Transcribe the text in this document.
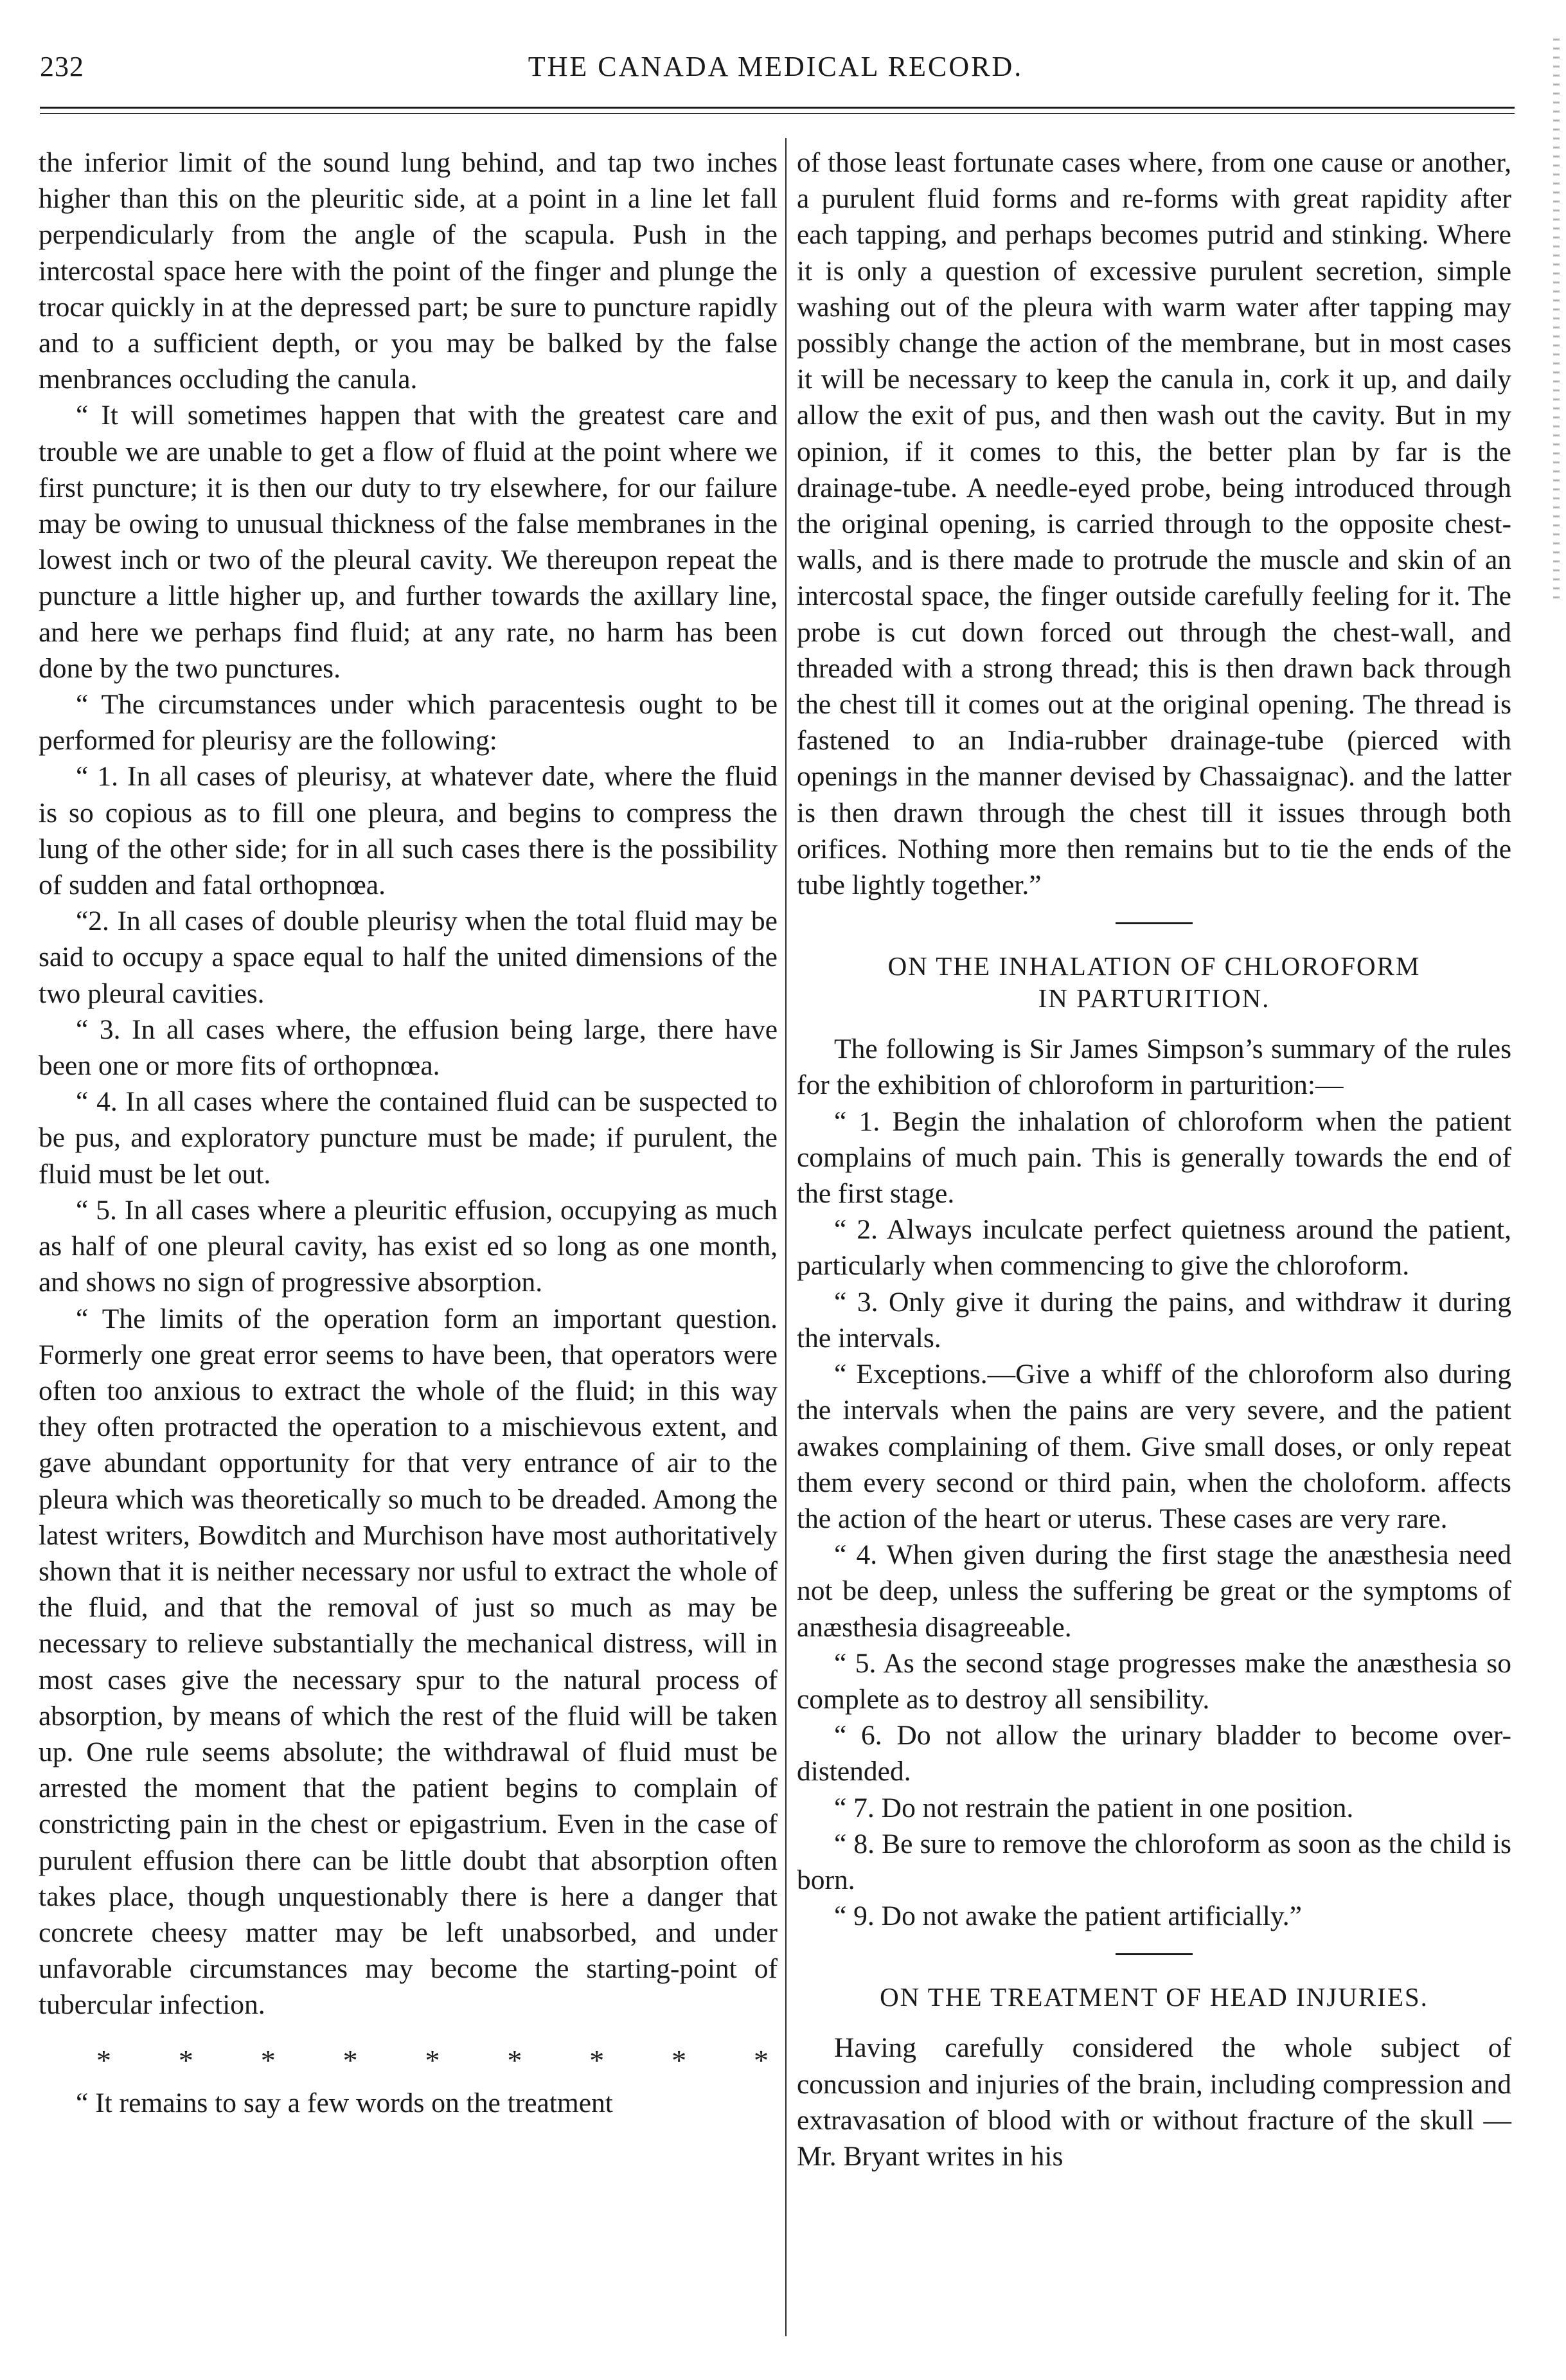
232	THE CANADA MEDICAL RECORD.

the inferior limit of the sound lung behind, and tap two inches higher than this on the pleuritic side, at a point in a line let fall perpendicularly from the angle of the scapula. Push in the intercostal space here with the point of the finger and plunge the trocar quickly in at the depressed part; be sure to puncture rapidly and to a sufficient depth, or you may be balked by the false menbrances occluding the canula.

“ It will sometimes happen that with the greatest care and trouble we are unable to get a flow of fluid at the point where we first puncture; it is then our duty to try elsewhere, for our failure may be owing to unusual thickness of the false membranes in the lowest inch or two of the pleural cavity. We thereupon repeat the puncture a little higher up, and further towards the axillary line, and here we perhaps find fluid; at any rate, no harm has been done by the two punctures.

“ The circumstances under which paracentesis ought to be performed for pleurisy are the following:

“ 1. In all cases of pleurisy, at whatever date, where the fluid is so copious as to fill one pleura, and begins to compress the lung of the other side; for in all such cases there is the possibility of sudden and fatal orthopnœa.

“2. In all cases of double pleurisy when the total fluid may be said to occupy a space equal to half the united dimensions of the two pleural cavities.

“ 3. In all cases where, the effusion being large, there have been one or more fits of orthopnœa.

“ 4. In all cases where the contained fluid can be suspected to be pus, and exploratory puncture must be made; if purulent, the fluid must be let out.

“ 5. In all cases where a pleuritic effusion, occupying as much as half of one pleural cavity, has exist ed so long as one month, and shows no sign of progressive absorption.

“ The limits of the operation form an important question. Formerly one great error seems to have been, that operators were often too anxious to extract the whole of the fluid; in this way they often protracted the operation to a mischievous extent, and gave abundant opportunity for that very entrance of air to the pleura which was theoretically so much to be dreaded. Among the latest writers, Bowditch and Murchison have most authoritatively shown that it is neither necessary nor usful to extract the whole of the fluid, and that the removal of just so much as may be necessary to relieve substantially the mechanical distress, will in most cases give the necessary spur to the natural process of absorption, by means of which the rest of the fluid will be taken up. One rule seems absolute; the withdrawal of fluid must be arrested the moment that the patient begins to complain of constricting pain in the chest or epigastrium. Even in the case of purulent effusion there can be little doubt that absorption often takes place, though unquestionably there is here a danger that concrete cheesy matter may be left unabsorbed, and under unfavorable circumstances may become the starting-point of tubercular infection.

* * * * * * * * *

“ It remains to say a few words on the treatment

of those least fortunate cases where, from one cause or another, a purulent fluid forms and re-forms with great rapidity after each tapping, and perhaps becomes putrid and stinking. Where it is only a question of excessive purulent secretion, simple washing out of the pleura with warm water after tapping may possibly change the action of the membrane, but in most cases it will be necessary to keep the canula in, cork it up, and daily allow the exit of pus, and then wash out the cavity. But in my opinion, if it comes to this, the better plan by far is the drainage-tube. A needle-eyed probe, being introduced through the original opening, is carried through to the opposite chest-walls, and is there made to protrude the muscle and skin of an intercostal space, the finger outside carefully feeling for it. The probe is cut down forced out through the chest-wall, and threaded with a strong thread; this is then drawn back through the chest till it comes out at the original opening. The thread is fastened to an India-rubber drainage-tube (pierced with openings in the manner devised by Chassaignac). and the latter is then drawn through the chest till it issues through both orifices. Nothing more then remains but to tie the ends of the tube lightly together.”

ON THE INHALATION OF CHLOROFORM
IN PARTURITION.

The following is Sir James Simpson’s summary of the rules for the exhibition of chloroform in parturition:—

“ 1. Begin the inhalation of chloroform when the patient complains of much pain. This is generally towards the end of the first stage.

“ 2. Always inculcate perfect quietness around the patient, particularly when commencing to give the chloroform.

“ 3. Only give it during the pains, and withdraw it during the intervals.

“ Exceptions.—Give a whiff of the chloroform also during the intervals when the pains are very severe, and the patient awakes complaining of them. Give small doses, or only repeat them every second or third pain, when the choloform. affects the action of the heart or uterus. These cases are very rare.

“ 4. When given during the first stage the anæsthesia need not be deep, unless the suffering be great or the symptoms of anæsthesia disagreeable.

“ 5. As the second stage progresses make the anæsthesia so complete as to destroy all sensibility.

“ 6. Do not allow the urinary bladder to become over-distended.

“ 7. Do not restrain the patient in one position.

“ 8. Be sure to remove the chloroform as soon as the child is born.

“ 9. Do not awake the patient artificially.”

ON THE TREATMENT OF HEAD INJURIES.

Having carefully considered the whole subject of concussion and injuries of the brain, including compression and extravasation of blood with or without fracture of the skull — Mr. Bryant writes in his
